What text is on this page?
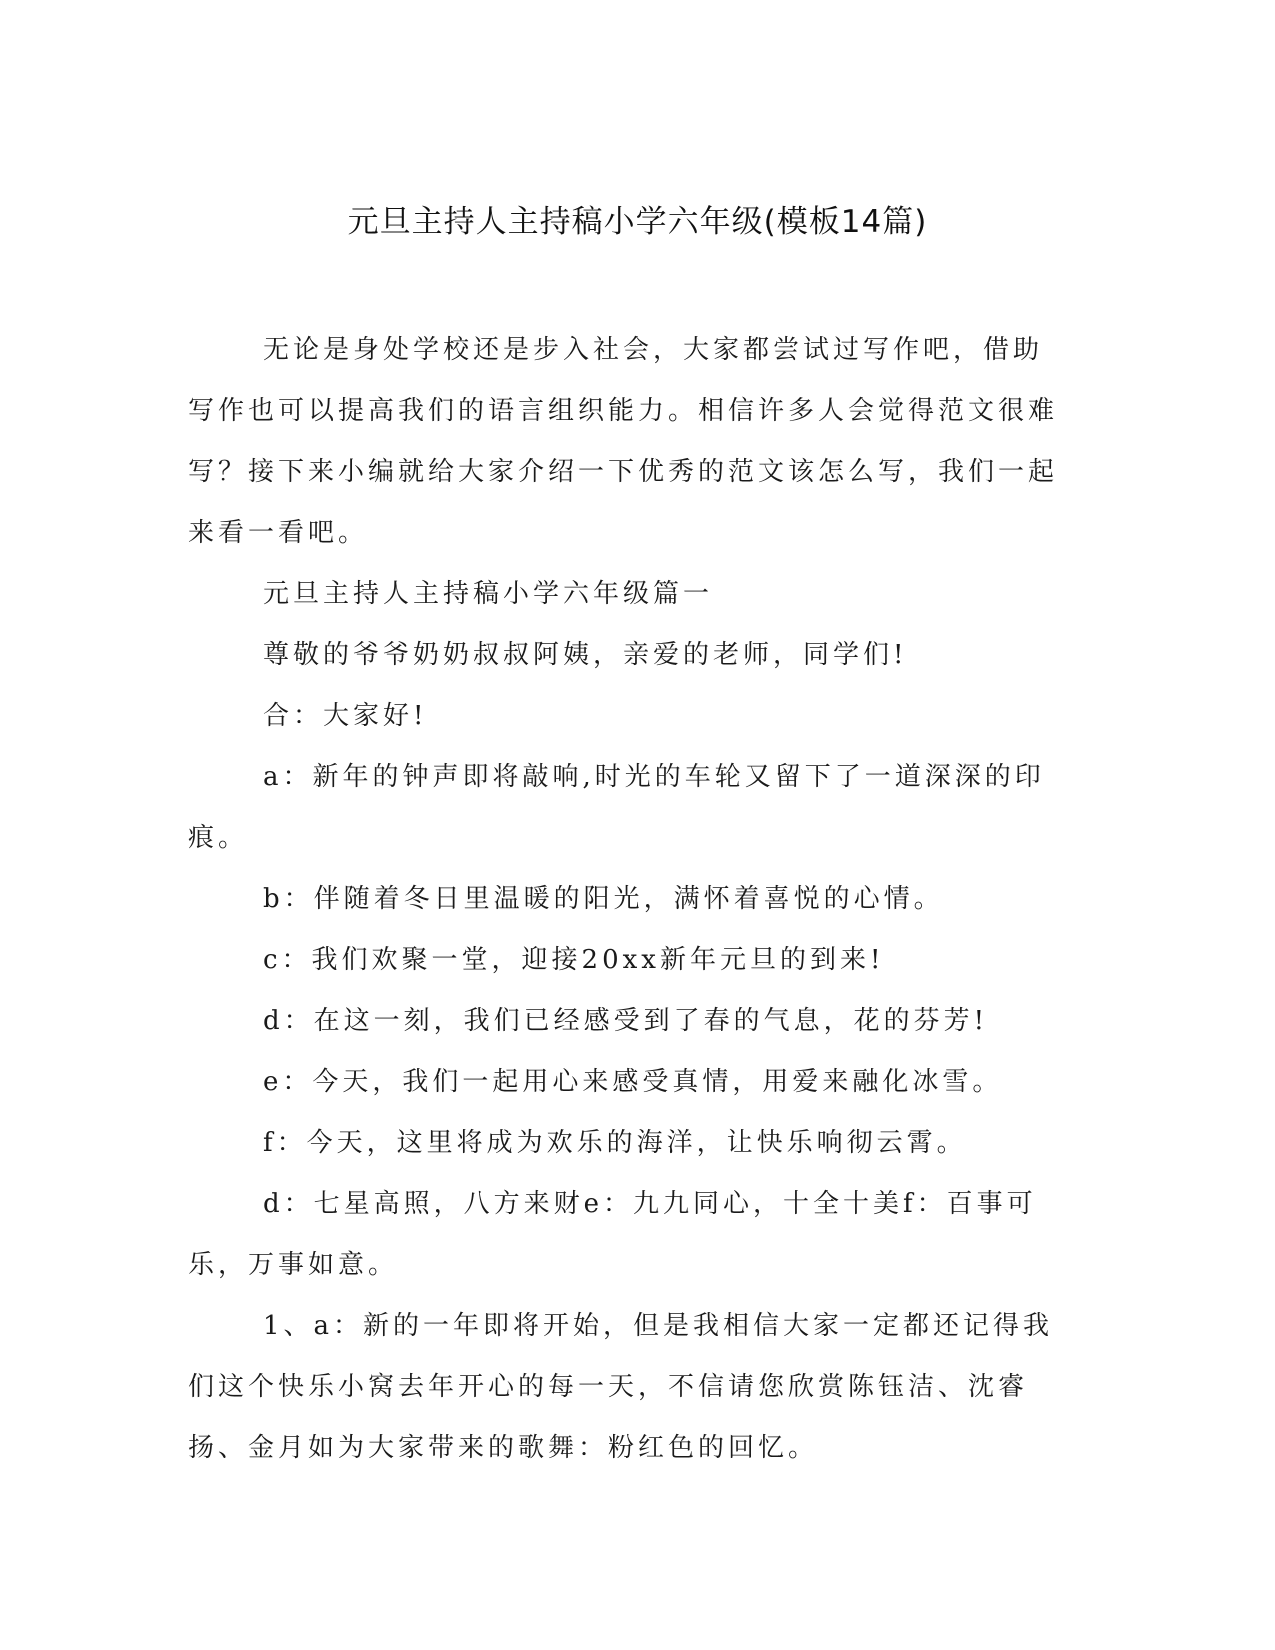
元旦主持人主持稿小学六年级(模板14篇)

无论是身处学校还是步入社会，大家都尝试过写作吧，借助写作也可以提高我们的语言组织能力。相信许多人会觉得范文很难写？接下来小编就给大家介绍一下优秀的范文该怎么写，我们一起来看一看吧。

元旦主持人主持稿小学六年级篇一

尊敬的爷爷奶奶叔叔阿姨，亲爱的老师，同学们!

合：大家好!

a：新年的钟声即将敲响,时光的车轮又留下了一道深深的印痕。

b：伴随着冬日里温暖的阳光，满怀着喜悦的心情。

c：我们欢聚一堂，迎接20xx新年元旦的到来!

d：在这一刻，我们已经感受到了春的气息，花的芬芳!

e：今天，我们一起用心来感受真情，用爱来融化冰雪。

f：今天，这里将成为欢乐的海洋，让快乐响彻云霄。

d：七星高照，八方来财e：九九同心，十全十美f：百事可乐，万事如意。

1、a：新的一年即将开始，但是我相信大家一定都还记得我们这个快乐小窝去年开心的每一天，不信请您欣赏陈钰洁、沈睿扬、金月如为大家带来的歌舞：粉红色的回忆。
